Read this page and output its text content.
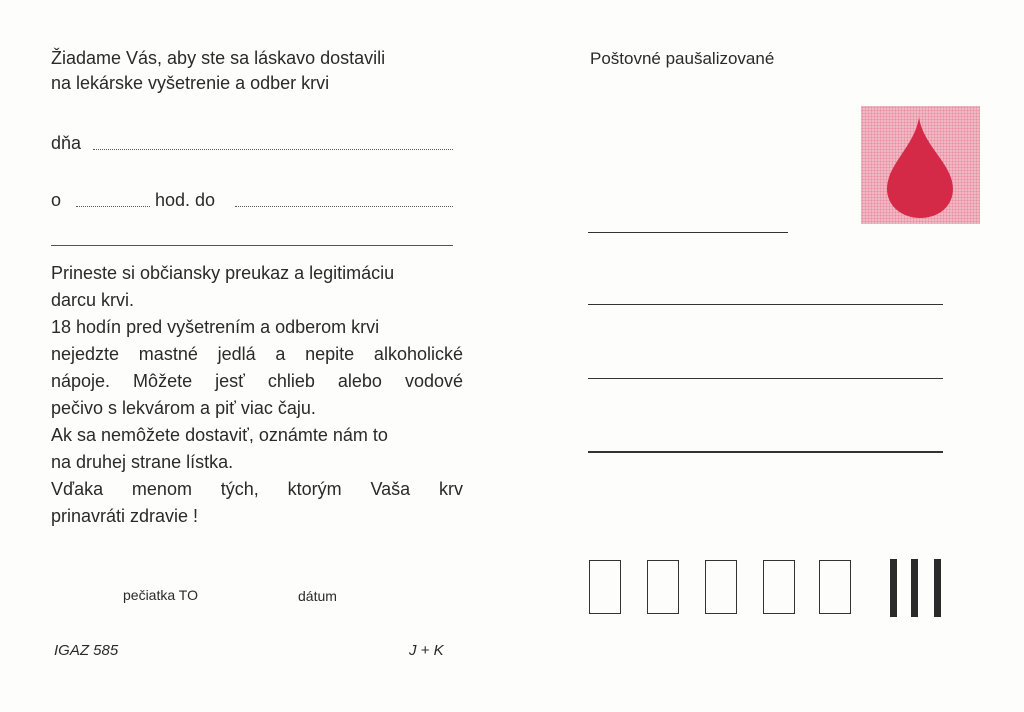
Žiadame Vás, aby ste sa láskavo dostavili
na lekárske vyšetrenie a odber krvi
dňa
o	hod. do
Prineste si občiansky preukaz a legitimáciu
darcu krvi.
18 hodín pred vyšetrením a odberom krvi
nejedzte mastné jedlá a nepite alkoholické
nápoje. Môžete jesť chlieb alebo vodové
pečivo s lekvárom a piť viac čaju.
Ak sa nemôžete dostaviť, oznámte nám to
na druhej strane lístka.
Vďaka menom tých, ktorým Vaša krv
prinavráti zdravie !
pečiatka TO	dátum
IGAZ 585	J + K
Poštovné paušalizované
